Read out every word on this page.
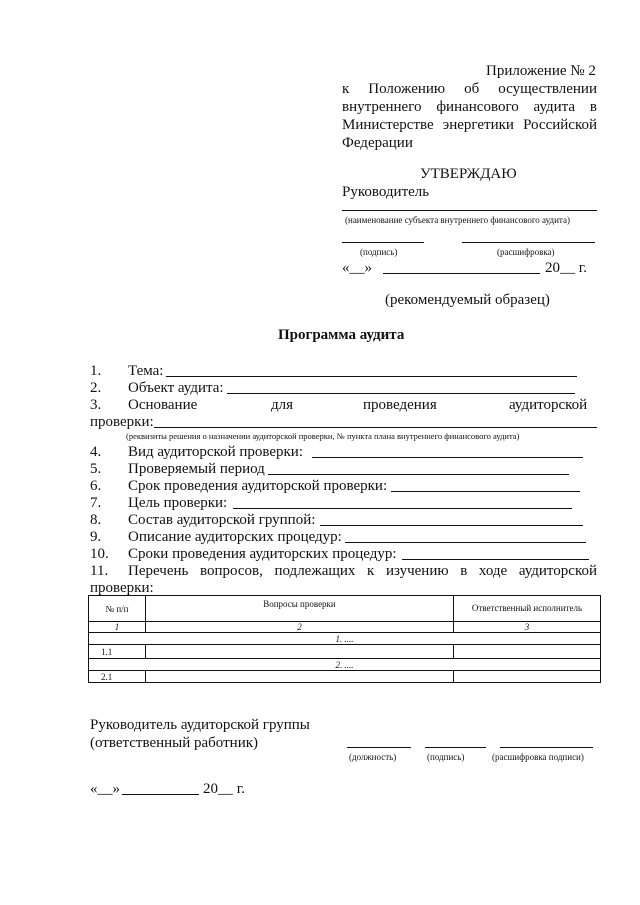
Приложение № 2
к Положению об осуществлении
внутреннего финансового аудита в
Министерстве энергетики Российской
Федерации
УТВЕРЖДАЮ
Руководитель
(наименование субъекта внутреннего финансового аудита)
(подпись)	(расшифровка)
«__»	20__ г.
(рекомендуемый образец)
Программа аудита
1. Тема:
2. Объект аудита:
3. Основание	для	проведения	аудиторской
проверки:
(реквизиты решения о назначении аудиторской проверки, № пункта плана внутреннего финансового аудита)
4. Вид аудиторской проверки:
5. Проверяемый период
6. Срок проведения аудиторской проверки:
7. Цель проверки:
8. Состав аудиторской группой:
9. Описание аудиторских процедур:
10. Сроки проведения аудиторских процедур:
11. Перечень вопросов, подлежащих к изучению в ходе аудиторской
проверки:
№ п/п	Вопросы проверки	Ответственный исполнитель
1	2	3
1. ....		
1.1		
2. ....		
2.1		
Руководитель аудиторской группы
(ответственный работник)
(должность)	(подпись)	(расшифровка подписи)
«__»	20__ г.
